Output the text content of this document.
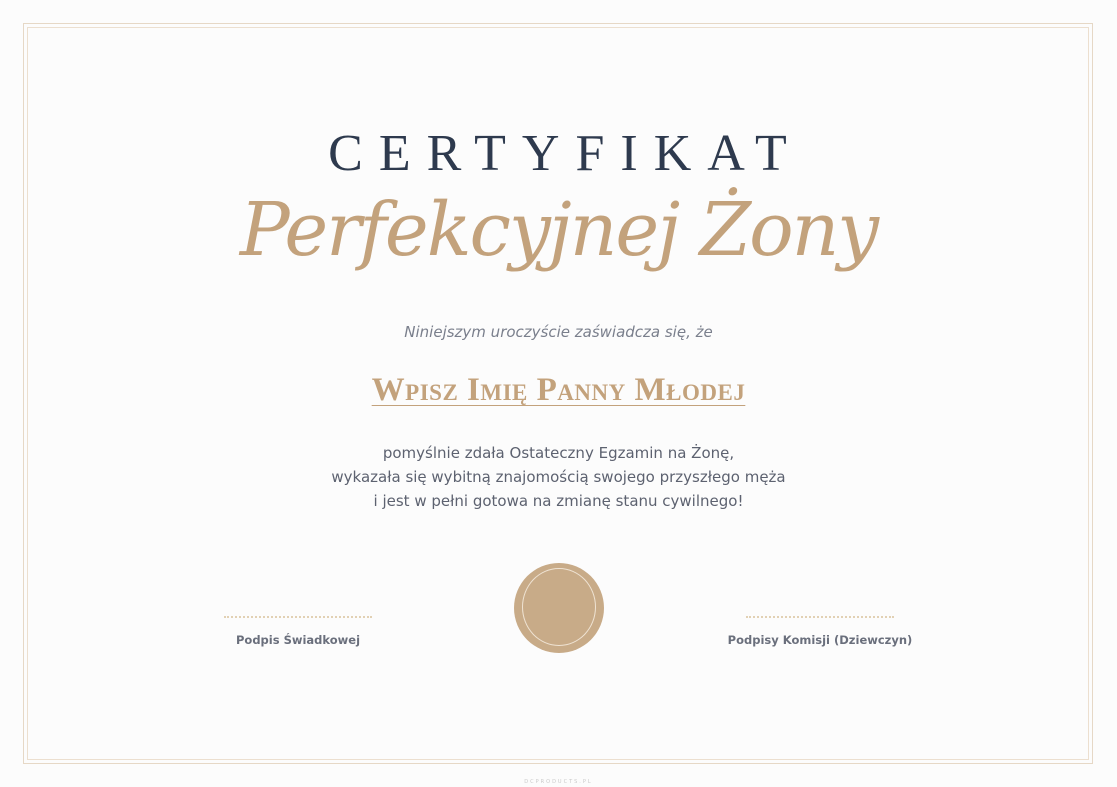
CERTYFIKAT
Perfekcyjnej Żony
Niniejszym uroczyście zaświadcza się, że
Wpisz Imię Panny Młodej
pomyślnie zdała Ostateczny Egzamin na Żonę,
wykazała się wybitną znajomością swojego przyszłego męża
i jest w pełni gotowa na zmianę stanu cywilnego!
Podpis Świadkowej	Podpisy Komisji (Dziewczyn)
DCPRODUCTS.PL
